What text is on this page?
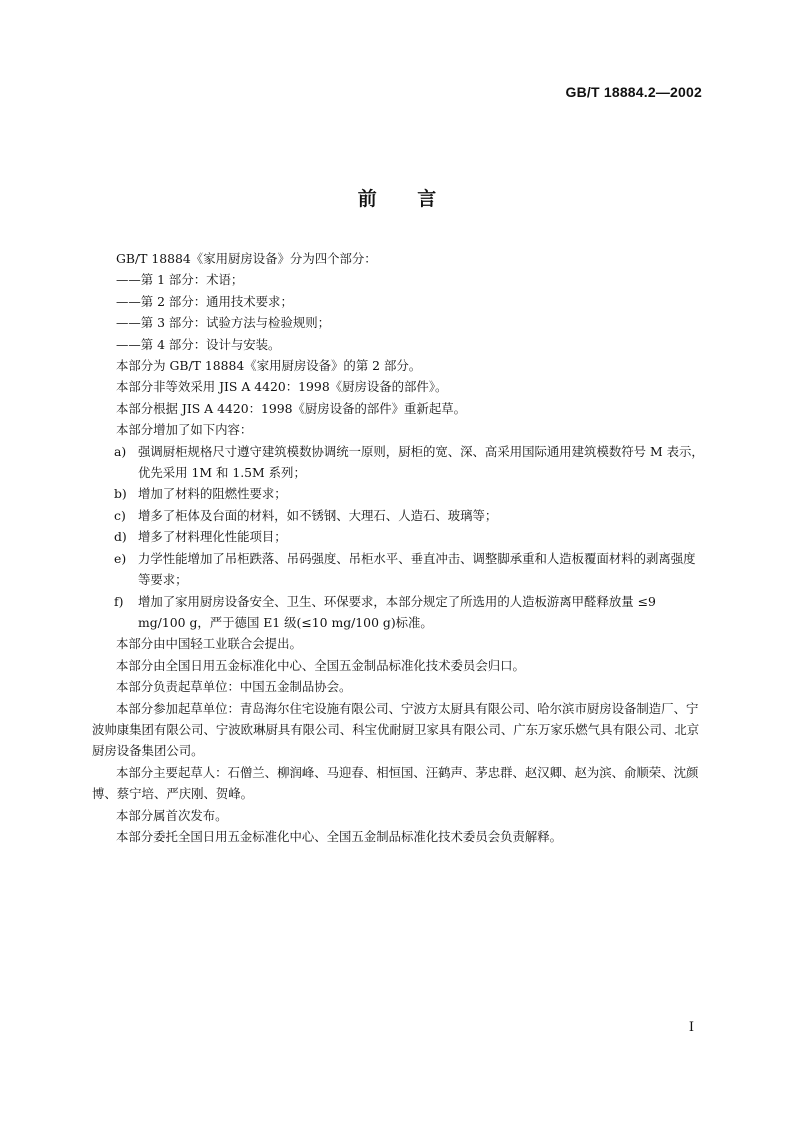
GB/T 18884.2—2002
前 言

GB/T 18884《家用厨房设备》分为四个部分：

——第 1 部分：术语；

——第 2 部分：通用技术要求；

——第 3 部分：试验方法与检验规则；

——第 4 部分：设计与安装。

本部分为 GB/T 18884《家用厨房设备》的第 2 部分。

本部分非等效采用 JIS A 4420：1998《厨房设备的部件》。

本部分根据 JIS A 4420：1998《厨房设备的部件》重新起草。

本部分增加了如下内容：

a) 强调厨柜规格尺寸遵守建筑模数协调统一原则，厨柜的宽、深、高采用国际通用建筑模数符号 M 表示，优先采用 1M 和 1.5M 系列；
b) 增加了材料的阻燃性要求；
c) 增多了柜体及台面的材料，如不锈钢、大理石、人造石、玻璃等；
d) 增多了材料理化性能项目；
e) 力学性能增加了吊柜跌落、吊码强度、吊柜水平、垂直冲击、调整脚承重和人造板覆面材料的剥离强度等要求；
f)	增加了家用厨房设备安全、卫生、环保要求，本部分规定了所选用的人造板游离甲醛释放量 ≤9 mg/100 g，严于德国 E1 级(≤10 mg/100 g)标准。

本部分由中国轻工业联合会提出。

本部分由全国日用五金标准化中心、全国五金制品标准化技术委员会归口。

本部分负责起草单位：中国五金制品协会。

本部分参加起草单位：青岛海尔住宅设施有限公司、宁波方太厨具有限公司、哈尔滨市厨房设备制造厂、宁波帅康集团有限公司、宁波欧琳厨具有限公司、科宝优耐厨卫家具有限公司、广东万家乐燃气具有限公司、北京厨房设备集团公司。

本部分主要起草人：石僧兰、柳润峰、马迎春、相恒国、汪鹤声、茅忠群、赵汉卿、赵为滨、俞顺荣、沈颜博、蔡宁培、严庆刚、贺峰。

本部分属首次发布。

本部分委托全国日用五金标准化中心、全国五金制品标准化技术委员会负责解释。

I
